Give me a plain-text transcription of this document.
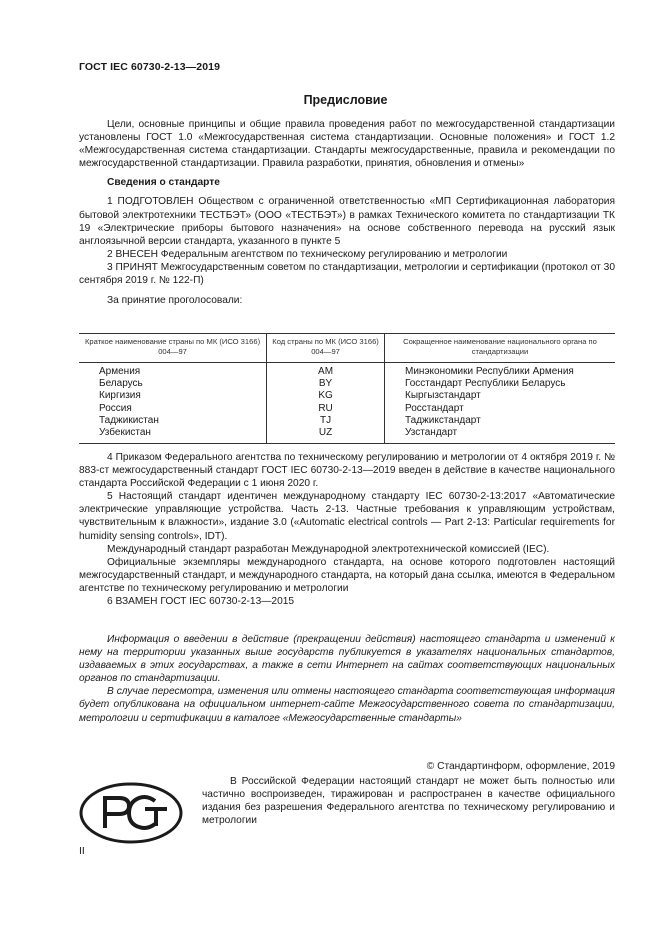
ГОСТ IEC 60730-2-13—2019
Предисловие

Цели, основные принципы и общие правила проведения работ по межгосударственной стандартизации установлены ГОСТ 1.0 «Межгосударственная система стандартизации. Основные положения» и ГОСТ 1.2 «Межгосударственная система стандартизации. Стандарты межгосударственные, правила и рекомендации по межгосударственной стандартизации. Правила разработки, принятия, обновления и отмены»

Сведения о стандарте

1 ПОДГОТОВЛЕН Обществом с ограниченной ответственностью «МП Сертификационная лаборатория бытовой электротехники ТЕСТБЭТ» (ООО «ТЕСТБЭТ») в рамках Технического комитета по стандартизации ТК 19 «Электрические приборы бытового назначения» на основе собственного перевода на русский язык англоязычной версии стандарта, указанного в пункте 5

2 ВНЕСЕН Федеральным агентством по техническому регулированию и метрологии

3 ПРИНЯТ Межгосударственным советом по стандартизации, метрологии и сертификации (протокол от 30 сентября 2019 г. № 122-П)

За принятие проголосовали:

Краткое наименование страны по МК (ИСО 3166) 004—97	Код страны по МК (ИСО 3166) 004—97	Сокращенное наименование национального органа по стандартизации
Армения	AM	Минэкономики Республики Армения
Беларусь	BY	Госстандарт Республики Беларусь
Киргизия	KG	Кыргызстандарт
Россия	RU	Росстандарт
Таджикистан	TJ	Таджикстандарт
Узбекистан	UZ	Узстандарт

4 Приказом Федерального агентства по техническому регулированию и метрологии от 4 октября 2019 г. № 883-ст межгосударственный стандарт ГОСТ IEC 60730-2-13—2019 введен в действие в качестве национального стандарта Российской Федерации с 1 июня 2020 г.

5 Настоящий стандарт идентичен международному стандарту IEC 60730-2-13:2017 «Автоматические электрические управляющие устройства. Часть 2-13. Частные требования к управляющим устройствам, чувствительным к влажности», издание 3.0 («Automatic electrical controls — Part 2-13: Particular requirements for humidity sensing controls», IDT).

Международный стандарт разработан Международной электротехнической комиссией (IEC).

Официальные экземпляры международного стандарта, на основе которого подготовлен настоящий межгосударственный стандарт, и международного стандарта, на который дана ссылка, имеются в Федеральном агентстве по техническому регулированию и метрологии

6 ВЗАМЕН ГОСТ IEC 60730-2-13—2015

Информация о введении в действие (прекращении действия) настоящего стандарта и изменений к нему на территории указанных выше государств публикуется в указателях национальных стандартов, издаваемых в этих государствах, а также в сети Интернет на сайтах соответствующих национальных органов по стандартизации.

В случае пересмотра, изменения или отмены настоящего стандарта соответствующая информация будет опубликована на официальном интернет-сайте Межгосударственного совета по стандартизации, метрологии и сертификации в каталоге «Межгосударственные стандарты»

© Стандартинформ, оформление, 2019

В Российской Федерации настоящий стандарт не может быть полностью или частично воспроизведен, тиражирован и распространен в качестве официального издания без разрешения Федерального агентства по техническому регулированию и метрологии

II
